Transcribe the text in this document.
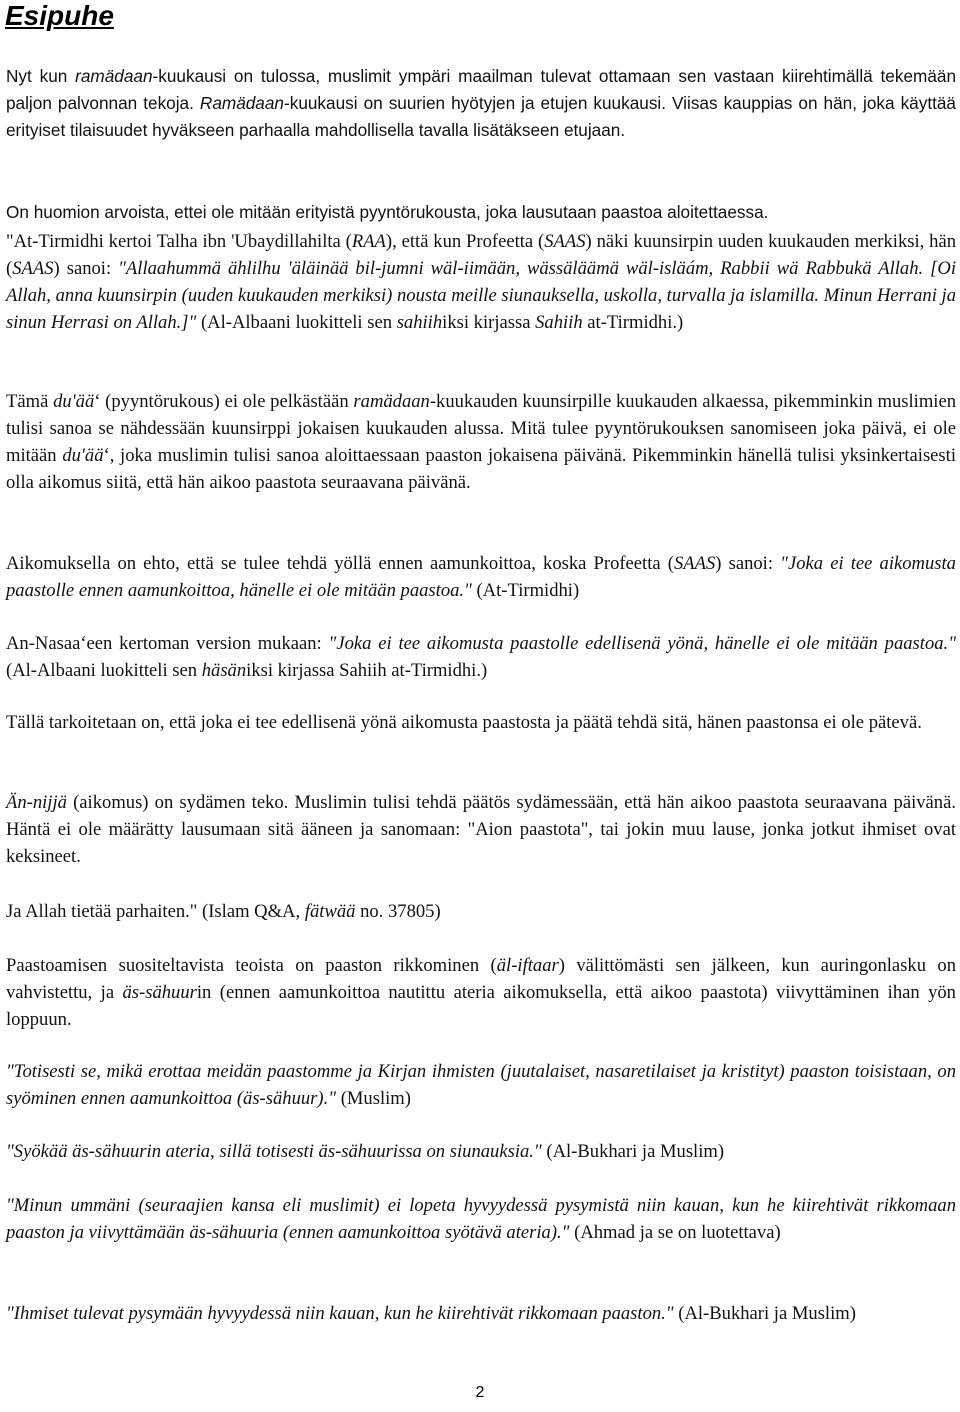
Esipuhe

Nyt kun ramädaan-kuukausi on tulossa, muslimit ympäri maailman tulevat ottamaan sen vastaan kiirehtimällä tekemään paljon palvonnan tekoja. Ramädaan-kuukausi on suurien hyötyjen ja etujen kuukausi. Viisas kauppias on hän, joka käyttää erityiset tilaisuudet hyväkseen parhaalla mahdollisella tavalla lisätäkseen etujaan.

On huomion arvoista, ettei ole mitään erityistä pyyntörukousta, joka lausutaan paastoa aloitettaessa.

"At-Tirmidhi kertoi Talha ibn 'Ubaydillahilta (RAA), että kun Profeetta (SAAS) näki kuunsirpin uuden kuukauden merkiksi, hän (SAAS) sanoi: "Allaahummä ählilhu 'äläinää bil-jumni wäl-iimään, wässäläämä wäl-isläám, Rabbii wä Rabbukä Allah. [Oi Allah, anna kuunsirpin (uuden kuukauden merkiksi) nousta meille siunauksella, uskolla, turvalla ja islamilla. Minun Herrani ja sinun Herrasi on Allah.]" (Al-Albaani luokitteli sen sahiihiksi kirjassa Sahiih at-Tirmidhi.)

Tämä du'ääʻ (pyyntörukous) ei ole pelkästään ramädaan-kuukauden kuunsirpille kuukauden alkaessa, pikemminkin muslimien tulisi sanoa se nähdessään kuunsirppi jokaisen kuukauden alussa. Mitä tulee pyyntörukouksen sanomiseen joka päivä, ei ole mitään du'ääʻ, joka muslimin tulisi sanoa aloittaessaan paaston jokaisena päivänä. Pikemminkin hänellä tulisi yksinkertaisesti olla aikomus siitä, että hän aikoo paastota seuraavana päivänä.

Aikomuksella on ehto, että se tulee tehdä yöllä ennen aamunkoittoa, koska Profeetta (SAAS) sanoi: "Joka ei tee aikomusta paastolle ennen aamunkoittoa, hänelle ei ole mitään paastoa." (At-Tirmidhi)

An-Nasaaʻeen kertoman version mukaan: "Joka ei tee aikomusta paastolle edellisenä yönä, hänelle ei ole mitään paastoa." (Al-Albaani luokitteli sen häsäniksi kirjassa Sahiih at-Tirmidhi.)

Tällä tarkoitetaan on, että joka ei tee edellisenä yönä aikomusta paastosta ja päätä tehdä sitä, hänen paastonsa ei ole pätevä.

Än-nijjä (aikomus) on sydämen teko. Muslimin tulisi tehdä päätös sydämessään, että hän aikoo paastota seuraavana päivänä. Häntä ei ole määrätty lausumaan sitä ääneen ja sanomaan: "Aion paastota", tai jokin muu lause, jonka jotkut ihmiset ovat keksineet.

Ja Allah tietää parhaiten." (Islam Q&A, fätwää no. 37805)

Paastoamisen suositeltavista teoista on paaston rikkominen (äl-iftaar) välittömästi sen jälkeen, kun auringonlasku on vahvistettu, ja äs-sähuurin (ennen aamunkoittoa nautittu ateria aikomuksella, että aikoo paastota) viivyttäminen ihan yön loppuun.

"Totisesti se, mikä erottaa meidän paastomme ja Kirjan ihmisten (juutalaiset, nasaretilaiset ja kristityt) paaston toisistaan, on syöminen ennen aamunkoittoa (äs-sähuur)." (Muslim)

"Syökää äs-sähuurin ateria, sillä totisesti äs-sähuurissa on siunauksia." (Al-Bukhari ja Muslim)

"Minun ummäni (seuraajien kansa eli muslimit) ei lopeta hyvyydessä pysymistä niin kauan, kun he kiirehtivät rikkomaan paaston ja viivyttämään äs-sähuuria (ennen aamunkoittoa syötävä ateria)." (Ahmad ja se on luotettava)

"Ihmiset tulevat pysymään hyvyydessä niin kauan, kun he kiirehtivät rikkomaan paaston." (Al-Bukhari ja Muslim)

2
